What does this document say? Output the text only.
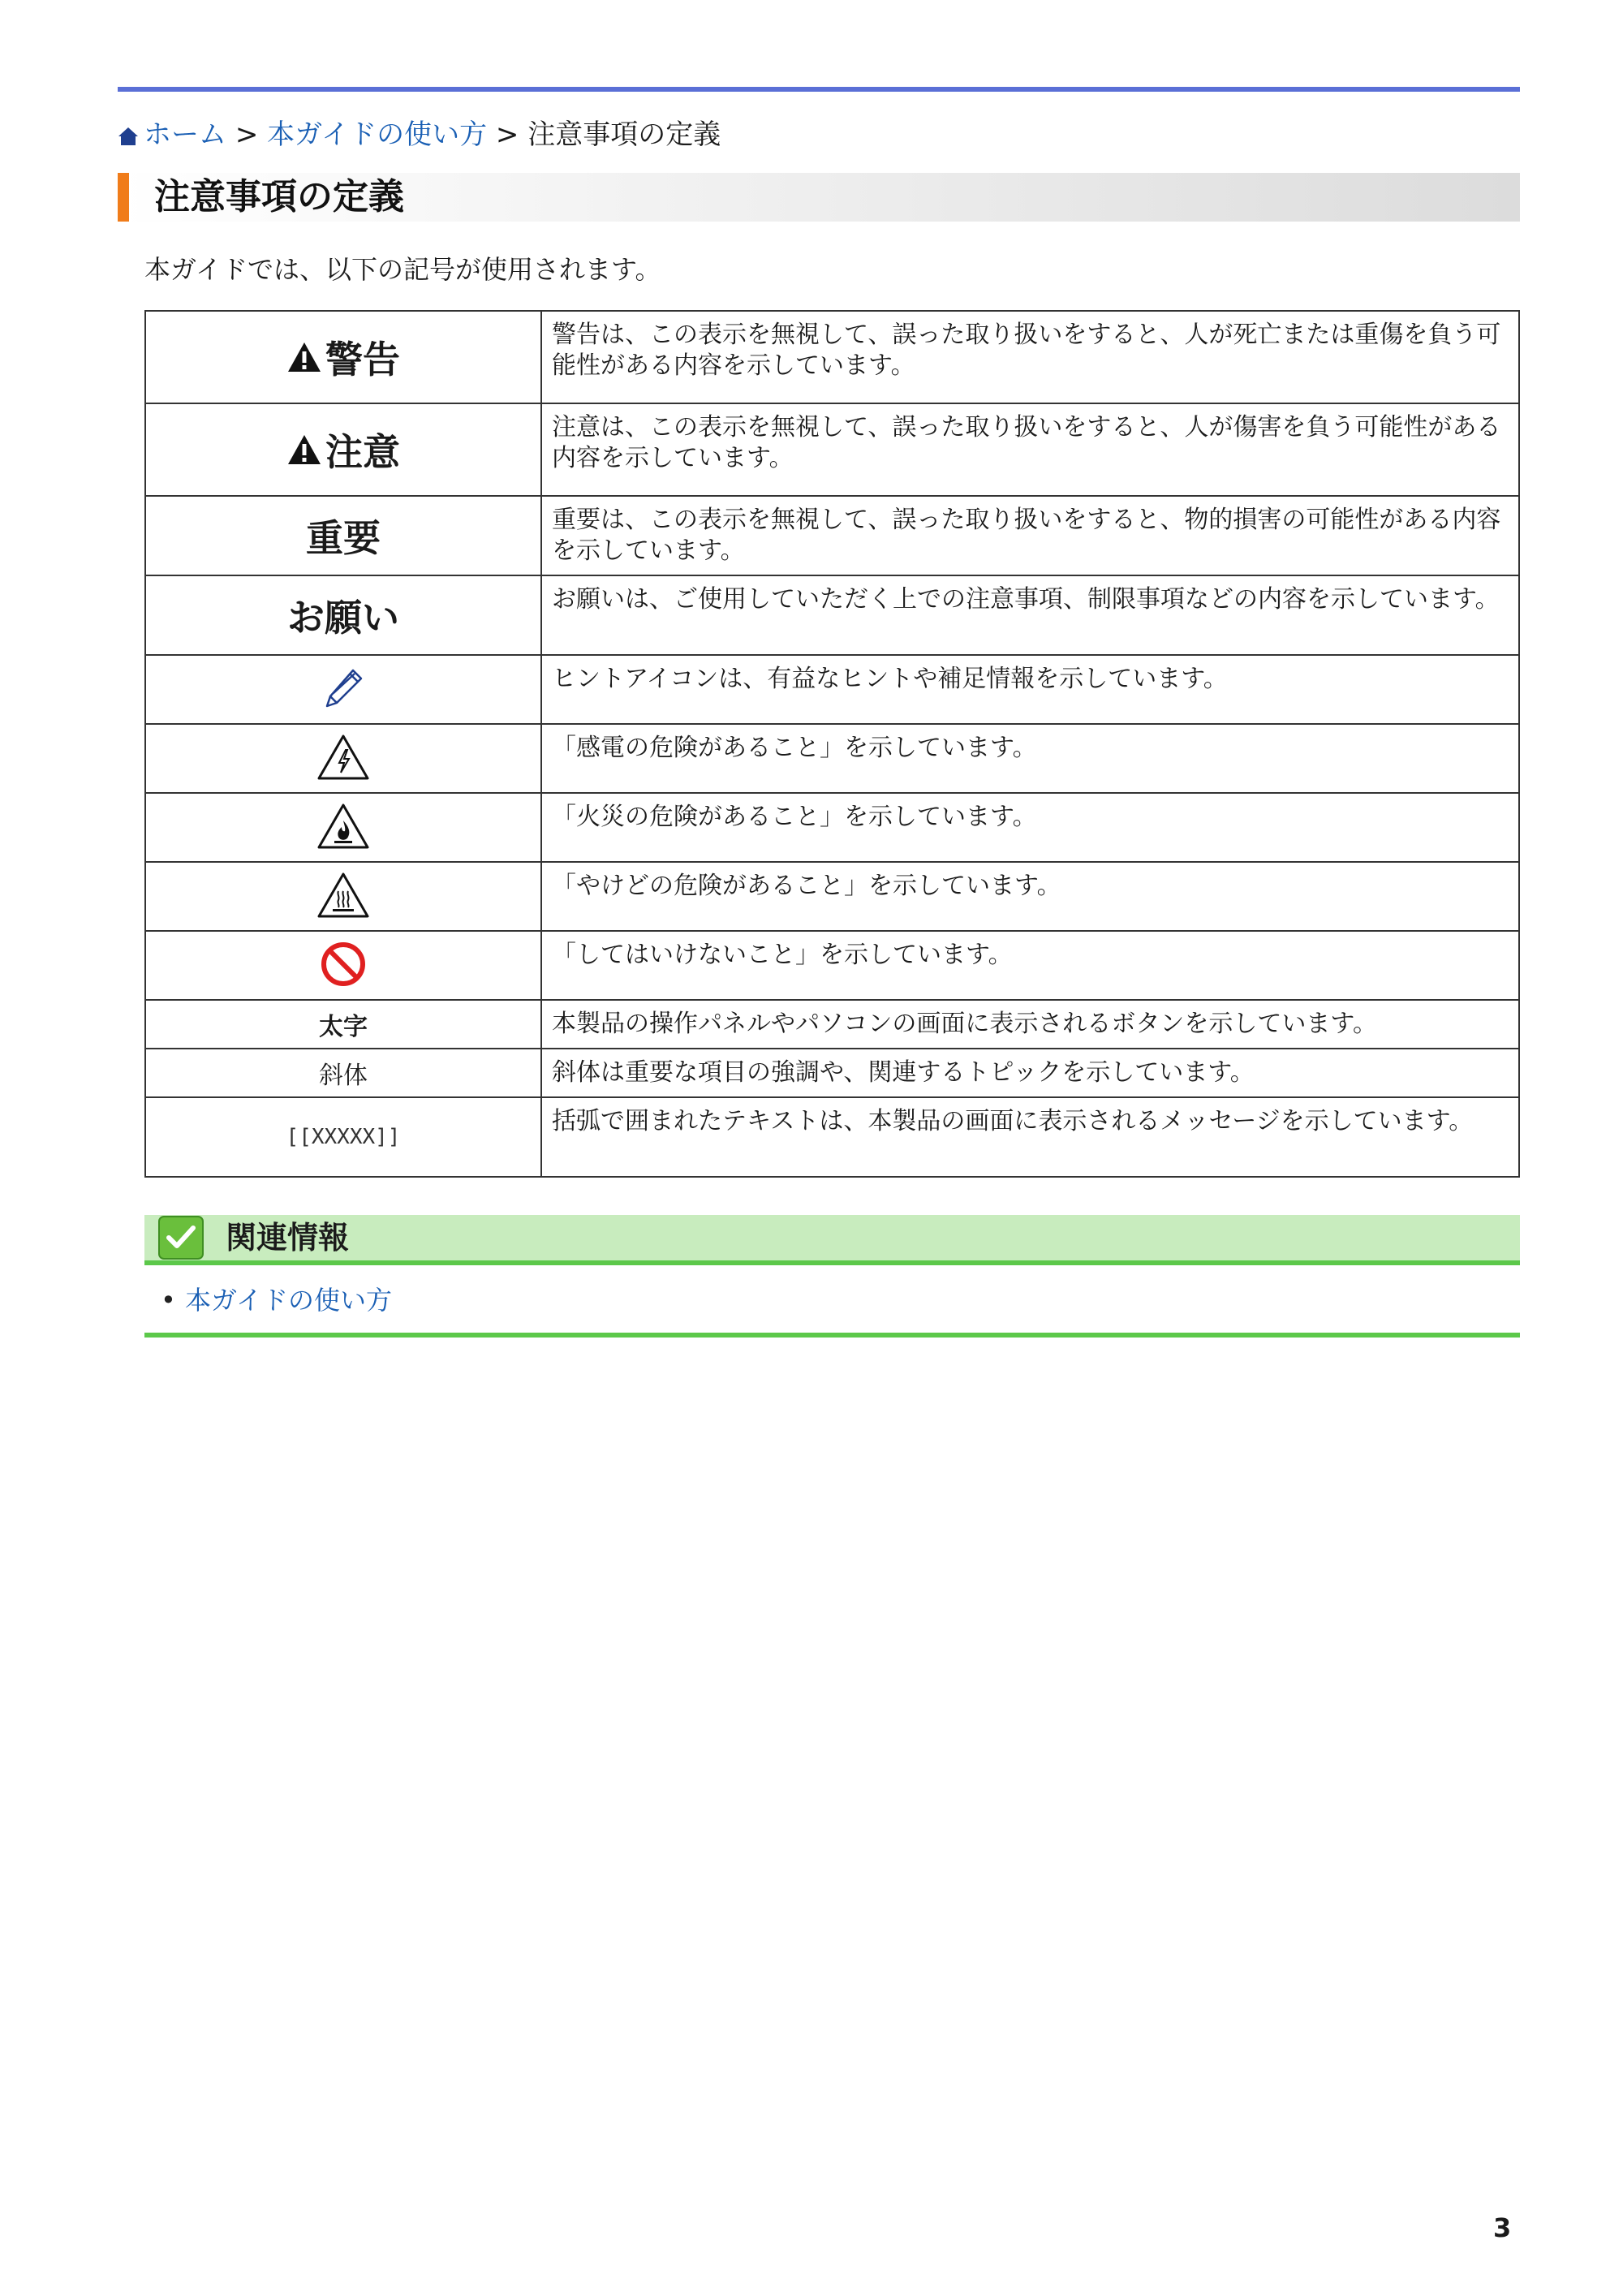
ホーム > 本ガイドの使い方 > 注意事項の定義
注意事項の定義
本ガイドでは、以下の記号が使用されます。
警告	警告は、この表示を無視して、誤った取り扱いをすると、人が死亡または重傷を負う可能性がある内容を示しています。

注意	注意は、この表示を無視して、誤った取り扱いをすると、人が傷害を負う可能性がある内容を示しています。
重要	重要は、この表示を無視して、誤った取り扱いをすると、物的損害の可能性がある内容を示しています。
お願い	お願いは、ご使用していただく上での注意事項、制限事項などの内容を示しています。
	ヒントアイコンは、有益なヒントや補足情報を示しています。
	「感電の危険があること」を示しています。
	「火災の危険があること」を示しています。
	「やけどの危険があること」を示しています。
	「してはいけないこと」を示しています。
太字	本製品の操作パネルやパソコンの画面に表示されるボタンを示しています。
斜体	斜体は重要な項目の強調や、関連するトピックを示しています。
[[XXXXX]]	括弧で囲まれたテキストは、本製品の画面に表示されるメッセージを示しています。
関連情報
• 本ガイドの使い方
3
